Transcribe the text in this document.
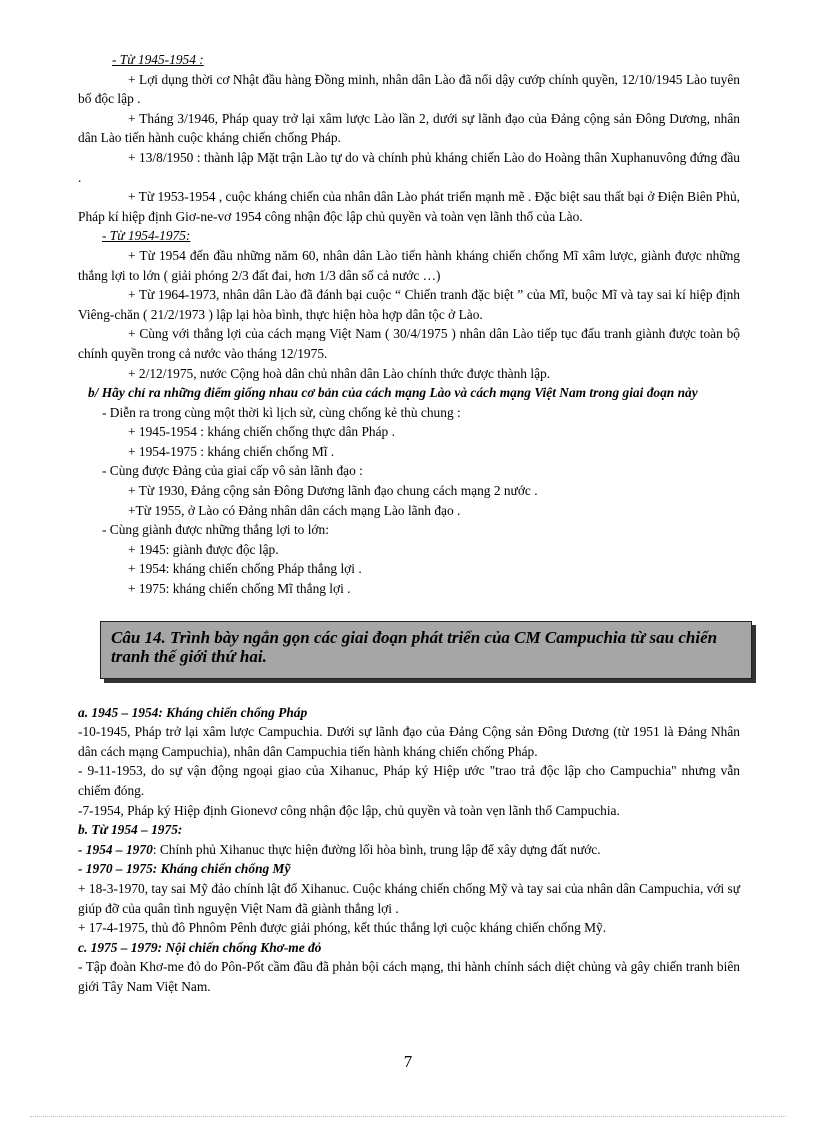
- Từ 1945-1954 :

+ Lợi dụng thời cơ Nhật đầu hàng Đồng minh, nhân dân Lào đã nổi dậy cướp chính quyền, 12/10/1945 Lào tuyên bố độc lập .

+ Tháng 3/1946, Pháp quay trở lại xâm lược Lào lần 2, dưới sự lãnh đạo của Đảng cộng sản Đông Dương, nhân dân Lào tiến hành cuộc kháng chiến chống Pháp.

+ 13/8/1950 : thành lập Mặt trận Lào tự do và chính phủ kháng chiến Lào do Hoàng thân Xuphanuvông đứng đầu .

+ Từ 1953-1954 , cuộc kháng chiến của nhân dân Lào phát triển mạnh mẽ . Đặc biệt sau thất bại ở Điện Biên Phủ, Pháp kí hiệp định Giơ-ne-vơ 1954 công nhận độc lập chủ quyền và toàn vẹn lãnh thổ của Lào.

- Từ 1954-1975:

+ Từ 1954 đến đầu những năm 60, nhân dân Lào tiến hành kháng chiến chống Mĩ xâm lược, giành được những thắng lợi to lớn ( giải phóng 2/3 đất đai, hơn 1/3 dân số cả nước …)

+ Từ 1964-1973, nhân dân Lào đã đánh bại cuộc “ Chiến tranh đặc biệt ” của Mĩ, buộc Mĩ và tay sai kí hiệp định Viêng-chăn ( 21/2/1973 ) lập lại hòa bình, thực hiện hòa hợp dân tộc ở Lào.

+ Cùng với thắng lợi của cách mạng Việt Nam ( 30/4/1975 ) nhân dân Lào tiếp tục đấu tranh giành được toàn bộ chính quyền trong cả nước vào tháng 12/1975.

+ 2/12/1975, nước Cộng hoà dân chủ nhân dân Lào chính thức được thành lập.

b/ Hãy chỉ ra những điểm giống nhau cơ bản của cách mạng Lào và cách mạng Việt Nam trong giai đoạn này

- Diễn ra trong cùng một thời kì lịch sử, cùng chống kẻ thù chung :

+ 1945-1954 : kháng chiến chống thực dân Pháp .

+ 1954-1975 : kháng chiến chống Mĩ .

- Cùng được Đảng của giai cấp vô sản lãnh đạo :

+ Từ 1930, Đảng cộng sản Đông Dương lãnh đạo chung cách mạng 2 nước .

+Từ 1955, ở Lào có Đảng nhân dân cách mạng Lào lãnh đạo .

- Cùng giành được những thắng lợi to lớn:

+ 1945: giành được độc lập.

+ 1954: kháng chiến chống Pháp thắng lợi .

+ 1975: kháng chiến chống Mĩ thắng lợi .

Câu 14. Trình bày ngắn gọn các giai đoạn phát triển của CM Campuchia từ sau chiến tranh thế giới thứ hai.

a. 1945 – 1954: Kháng chiến chống Pháp

-10-1945, Pháp trở lại xâm lược Campuchia. Dưới sự lãnh đạo của Đảng Cộng sản Đông Dương (từ 1951 là Đảng Nhân dân cách mạng Campuchia), nhân dân Campuchia tiến hành kháng chiến chống Pháp.

- 9-11-1953, do sự vận động ngoại giao của Xihanuc, Pháp ký Hiệp ước "trao trả độc lập cho Campuchia" nhưng vẫn chiếm đóng.

-7-1954, Pháp ký Hiệp định Gionevơ công nhận độc lập, chủ quyền và toàn vẹn lãnh thổ Campuchia.

b. Từ 1954 – 1975:

- 1954 – 1970: Chính phủ Xihanuc thực hiện đường lối hòa bình, trung lập để xây dựng đất nước.

- 1970 – 1975: Kháng chiến chống Mỹ

+ 18-3-1970, tay sai Mỹ đảo chính lật đổ Xihanuc. Cuộc kháng chiến chống Mỹ và tay sai của nhân dân Campuchia, với sự giúp đỡ của quân tình nguyện Việt Nam đã giành thắng lợi .

+ 17-4-1975, thủ đô Phnôm Pênh được giải phóng, kết thúc thắng lợi cuộc kháng chiến chống Mỹ.

c. 1975 – 1979: Nội chiến chống Khơ-me đỏ

- Tập đoàn Khơ-me đỏ do Pôn-Pốt cầm đầu đã phản bội cách mạng, thi hành chính sách diệt chủng và gây chiến tranh biên giới Tây Nam Việt Nam.

7
